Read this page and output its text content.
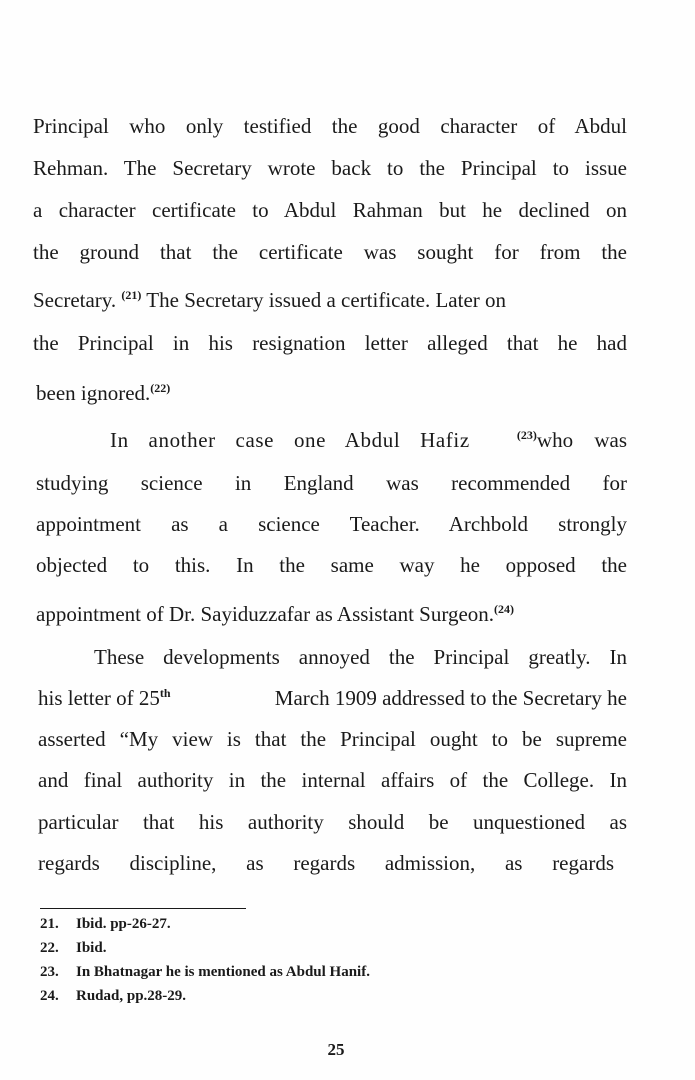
Principal who only testified the good character of Abdul
Rehman. The Secretary wrote back to the Principal to issue
a character certificate to Abdul Rahman but he declined on
the ground that the certificate was sought for from the
Secretary. $^{(21)}$ The Secretary issued a certificate. Later on
the Principal in his resignation letter alleged that he had
been ignored.$^{(22)}$
In another case one Abdul Hafiz	$^{(23)}$who was
studying science in England was recommended for
appointment as a science Teacher. Archbold strongly
objected to this. In the same way he opposed the
appointment of Dr. Sayiduzzafar as Assistant Surgeon.$^{(24)}$
These developments annoyed the Principal greatly. In
his letter of 25th	March 1909 addressed to the Secretary he
asserted “My view is that the Principal ought to be supreme
and final authority in the internal affairs of the College. In
particular that his authority should be unquestioned as
regards discipline, as regards admission, as regards
21. Ibid. pp-26-27.
22. Ibid.
23. In Bhatnagar he is mentioned as Abdul Hanif.
24. Rudad, pp.28-29.
25
